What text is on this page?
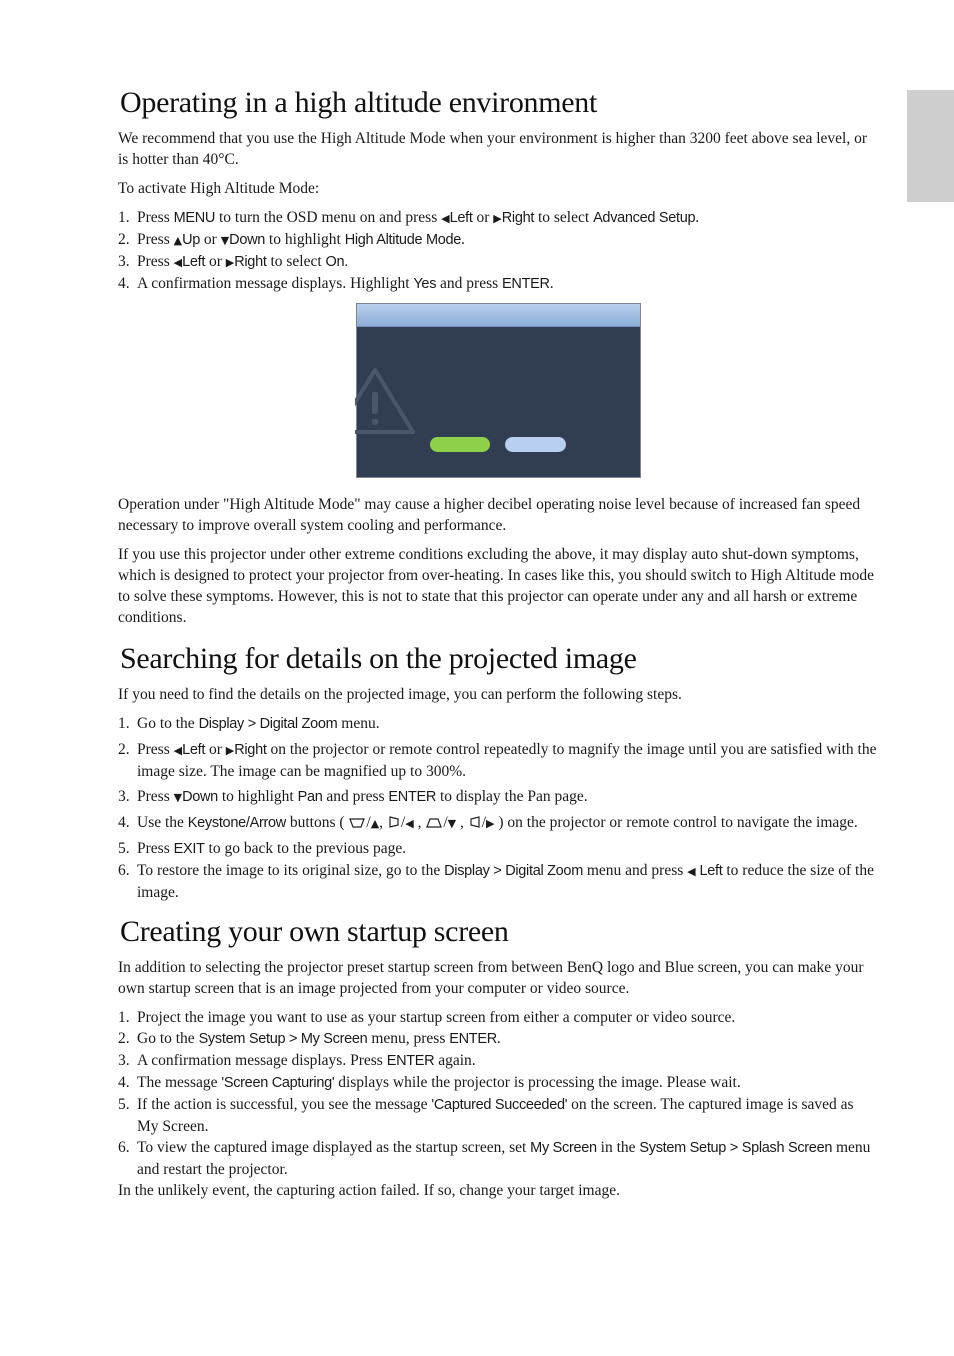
Operating in a high altitude environment

We recommend that you use the High Altitude Mode when your environment is higher than 3200 feet above sea level, or is hotter than 40°C.

To activate High Altitude Mode:

1. Press MENU to turn the OSD menu on and press ◀Left or ▶Right to select Advanced Setup.
2. Press ▲Up or ▼Down to highlight High Altitude Mode.
3. Press ◀Left or ▶Right to select On.
4. A confirmation message displays. Highlight Yes and press ENTER.

Operation under "High Altitude Mode" may cause a higher decibel operating noise level because of increased fan speed necessary to improve overall system cooling and performance.

If you use this projector under other extreme conditions excluding the above, it may display auto shut-down symptoms, which is designed to protect your projector from over-heating. In cases like this, you should switch to High Altitude mode to solve these symptoms. However, this is not to state that this projector can operate under any and all harsh or extreme conditions.

Searching for details on the projected image

If you need to find the details on the projected image, you can perform the following steps.

1. Go to the Display > Digital Zoom menu.
2. Press ◀Left or ▶Right on the projector or remote control repeatedly to magnify the image until you are satisfied with the image size. The image can be magnified up to 300%.
3. Press ▼Down to highlight Pan and press ENTER to display the Pan page.
4. Use the Keystone/Arrow buttons ( /▲, /◀ , /▼ , /▶ ) on the projector or remote control to navigate the image.
5. Press EXIT to go back to the previous page.
6. To restore the image to its original size, go to the Display > Digital Zoom menu and press ◀ Left to reduce the size of the image.
Creating your own startup screen

In addition to selecting the projector preset startup screen from between BenQ logo and Blue screen, you can make your own startup screen that is an image projected from your computer or video source.

1. Project the image you want to use as your startup screen from either a computer or video source.
2. Go to the System Setup > My Screen menu, press ENTER.
3. A confirmation message displays. Press ENTER again.
4. The message 'Screen Capturing' displays while the projector is processing the image. Please wait.
5. If the action is successful, you see the message 'Captured Succeeded' on the screen. The captured image is saved as My Screen.
6. To view the captured image displayed as the startup screen, set My Screen in the System Setup > Splash Screen menu and restart the projector.

In the unlikely event, the capturing action failed. If so, change your target image.
